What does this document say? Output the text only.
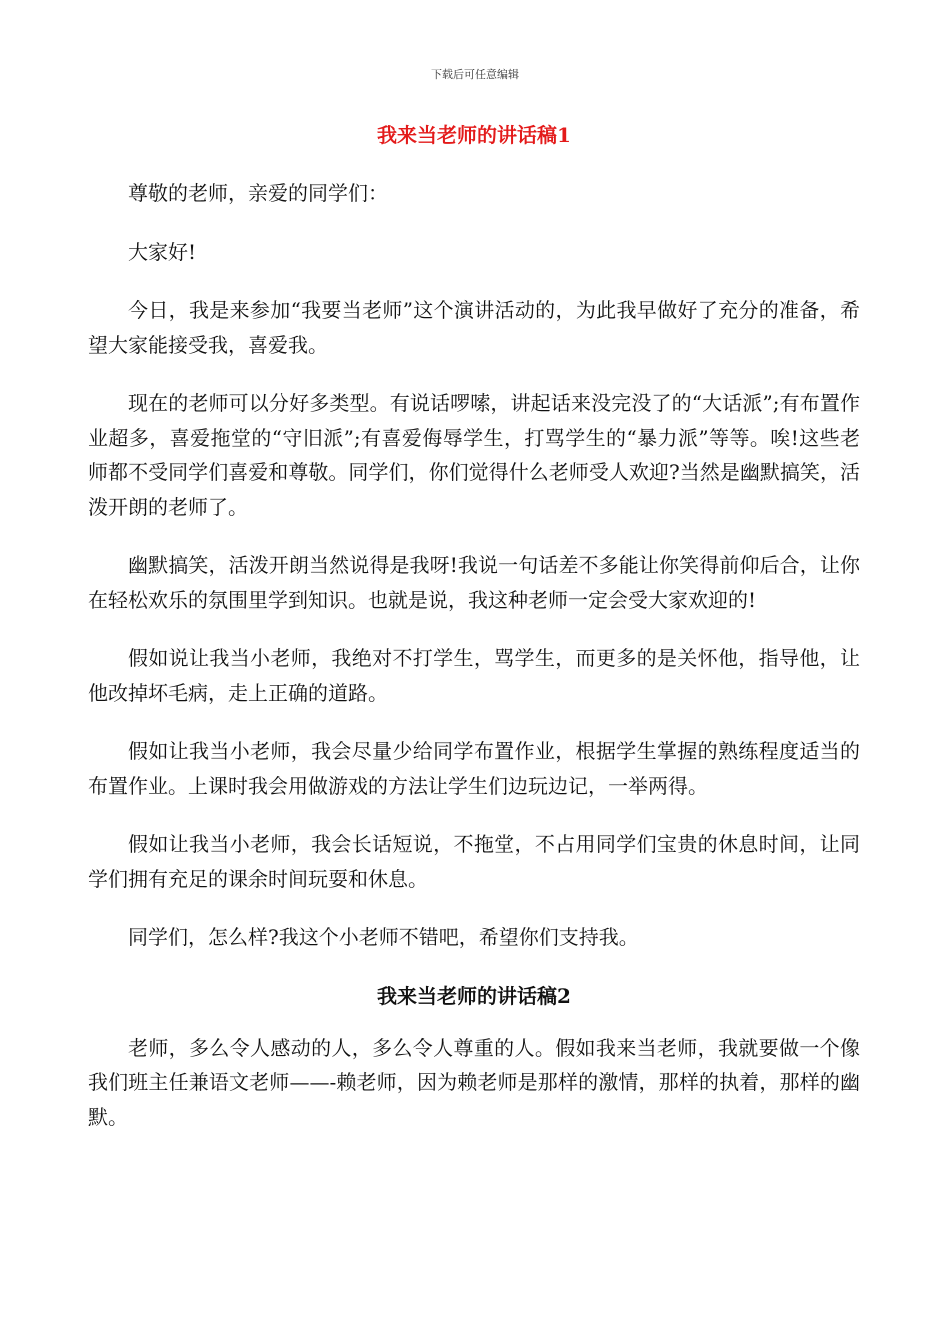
下载后可任意编辑
我来当老师的讲话稿1

尊敬的老师，亲爱的同学们：

大家好!

今日，我是来参加“我要当老师”这个演讲活动的，为此我早做好了充分的准备，希望大家能接受我，喜爱我。

现在的老师可以分好多类型。有说话啰嗦，讲起话来没完没了的“大话派”;有布置作业超多，喜爱拖堂的“守旧派”;有喜爱侮辱学生，打骂学生的“暴力派”等等。唉!这些老师都不受同学们喜爱和尊敬。同学们，你们觉得什么老师受人欢迎?当然是幽默搞笑，活泼开朗的老师了。

幽默搞笑，活泼开朗当然说得是我呀!我说一句话差不多能让你笑得前仰后合，让你在轻松欢乐的氛围里学到知识。也就是说，我这种老师一定会受大家欢迎的!

假如说让我当小老师，我绝对不打学生，骂学生，而更多的是关怀他，指导他，让他改掉坏毛病，走上正确的道路。

假如让我当小老师，我会尽量少给同学布置作业，根据学生掌握的熟练程度适当的布置作业。上课时我会用做游戏的方法让学生们边玩边记，一举两得。

假如让我当小老师，我会长话短说，不拖堂，不占用同学们宝贵的休息时间，让同学们拥有充足的课余时间玩耍和休息。

同学们，怎么样?我这个小老师不错吧，希望你们支持我。

我来当老师的讲话稿2

老师，多么令人感动的人，多么令人尊重的人。假如我来当老师，我就要做一个像我们班主任兼语文老师——-赖老师，因为赖老师是那样的激情，那样的执着，那样的幽默。
